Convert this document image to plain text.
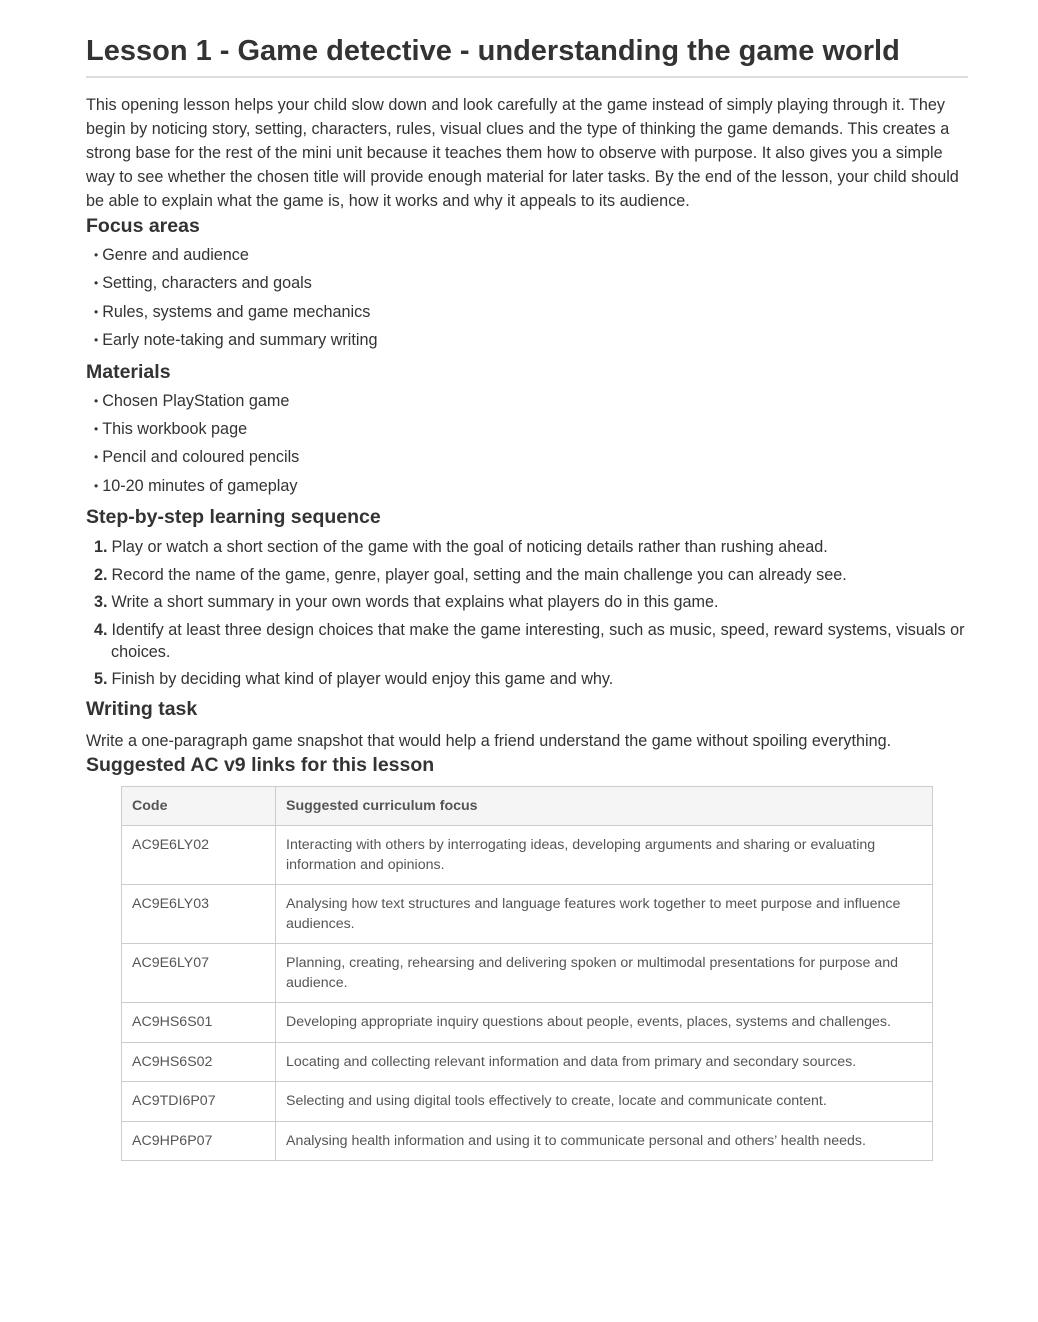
Lesson 1 - Game detective - understanding the game world

This opening lesson helps your child slow down and look carefully at the game instead of simply playing through it. They begin by noticing story, setting, characters, rules, visual clues and the type of thinking the game demands. This creates a strong base for the rest of the mini unit because it teaches them how to observe with purpose. It also gives you a simple way to see whether the chosen title will provide enough material for later tasks. By the end of the lesson, your child should be able to explain what the game is, how it works and why it appeals to its audience.

Focus areas
• Genre and audience
• Setting, characters and goals
• Rules, systems and game mechanics
• Early note-taking and summary writing
Materials
• Chosen PlayStation game
• This workbook page
• Pencil and coloured pencils
• 10-20 minutes of gameplay
Step-by-step learning sequence
1. Play or watch a short section of the game with the goal of noticing details rather than rushing ahead.
2. Record the name of the game, genre, player goal, setting and the main challenge you can already see.
3. Write a short summary in your own words that explains what players do in this game.
4. Identify at least three design choices that make the game interesting, such as music, speed, reward systems, visuals or choices.
5. Finish by deciding what kind of player would enjoy this game and why.
Writing task

Write a one-paragraph game snapshot that would help a friend understand the game without spoiling everything.

Suggested AC v9 links for this lesson
Code	Suggested curriculum focus
AC9E6LY02	Interacting with others by interrogating ideas, developing arguments and sharing or evaluating information and opinions.
AC9E6LY03	Analysing how text structures and language features work together to meet purpose and influence audiences.
AC9E6LY07	Planning, creating, rehearsing and delivering spoken or multimodal presentations for purpose and audience.
AC9HS6S01	Developing appropriate inquiry questions about people, events, places, systems and challenges.
AC9HS6S02	Locating and collecting relevant information and data from primary and secondary sources.
AC9TDI6P07	Selecting and using digital tools effectively to create, locate and communicate content.
AC9HP6P07	Analysing health information and using it to communicate personal and others’ health needs.
